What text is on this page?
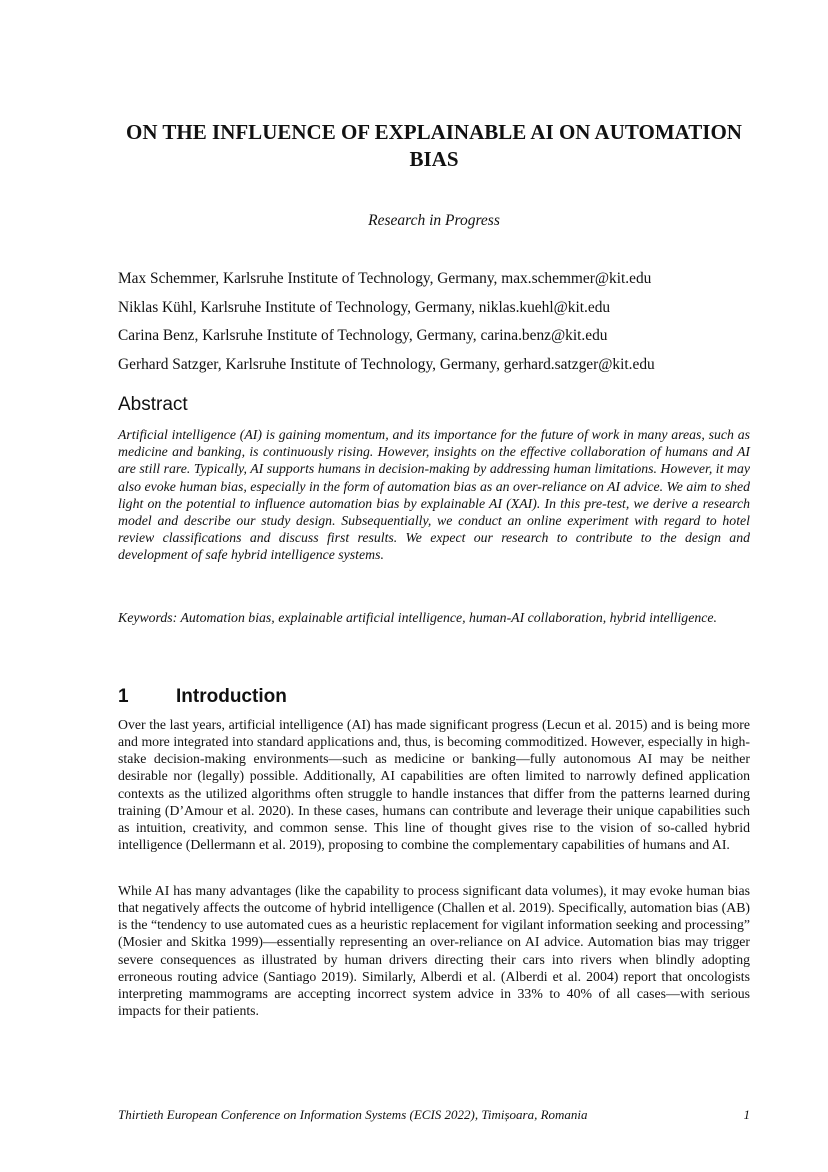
ON THE INFLUENCE OF EXPLAINABLE AI ON AUTOMATION BIAS

Research in Progress

Max Schemmer, Karlsruhe Institute of Technology, Germany, max.schemmer@kit.edu
Niklas Kühl, Karlsruhe Institute of Technology, Germany, niklas.kuehl@kit.edu
Carina Benz, Karlsruhe Institute of Technology, Germany, carina.benz@kit.edu
Gerhard Satzger, Karlsruhe Institute of Technology, Germany, gerhard.satzger@kit.edu
Abstract

Artificial intelligence (AI) is gaining momentum, and its importance for the future of work in many areas, such as medicine and banking, is continuously rising. However, insights on the effective collaboration of humans and AI are still rare. Typically, AI supports humans in decision-making by addressing human limitations. However, it may also evoke human bias, especially in the form of automation bias as an over-reliance on AI advice. We aim to shed light on the potential to influence automation bias by explainable AI (XAI). In this pre-test, we derive a research model and describe our study design. Subsequentially, we conduct an online experiment with regard to hotel review classifications and discuss first results. We expect our research to contribute to the design and development of safe hybrid intelligence systems.

Keywords: Automation bias, explainable artificial intelligence, human-AI collaboration, hybrid intelligence.

1 Introduction

Over the last years, artificial intelligence (AI) has made significant progress (Lecun et al. 2015) and is being more and more integrated into standard applications and, thus, is becoming commoditized. However, especially in high-stake decision-making environments—such as medicine or banking—fully autonomous AI may be neither desirable nor (legally) possible. Additionally, AI capabilities are often limited to narrowly defined application contexts as the utilized algorithms often struggle to handle instances that differ from the patterns learned during training (D’Amour et al. 2020). In these cases, humans can contribute and leverage their unique capabilities such as intuition, creativity, and common sense. This line of thought gives rise to the vision of so-called hybrid intelligence (Dellermann et al. 2019), proposing to combine the complementary capabilities of humans and AI.

While AI has many advantages (like the capability to process significant data volumes), it may evoke human bias that negatively affects the outcome of hybrid intelligence (Challen et al. 2019). Specifically, automation bias (AB) is the “tendency to use automated cues as a heuristic replacement for vigilant information seeking and processing” (Mosier and Skitka 1999)—essentially representing an over-reliance on AI advice. Automation bias may trigger severe consequences as illustrated by human drivers directing their cars into rivers when blindly adopting erroneous routing advice (Santiago 2019). Similarly, Alberdi et al. (Alberdi et al. 2004) report that oncologists interpreting mammograms are accepting incorrect system advice in 33% to 40% of all cases—with serious impacts for their patients.

Thirtieth European Conference on Information Systems (ECIS 2022), Timișoara, Romania	1
